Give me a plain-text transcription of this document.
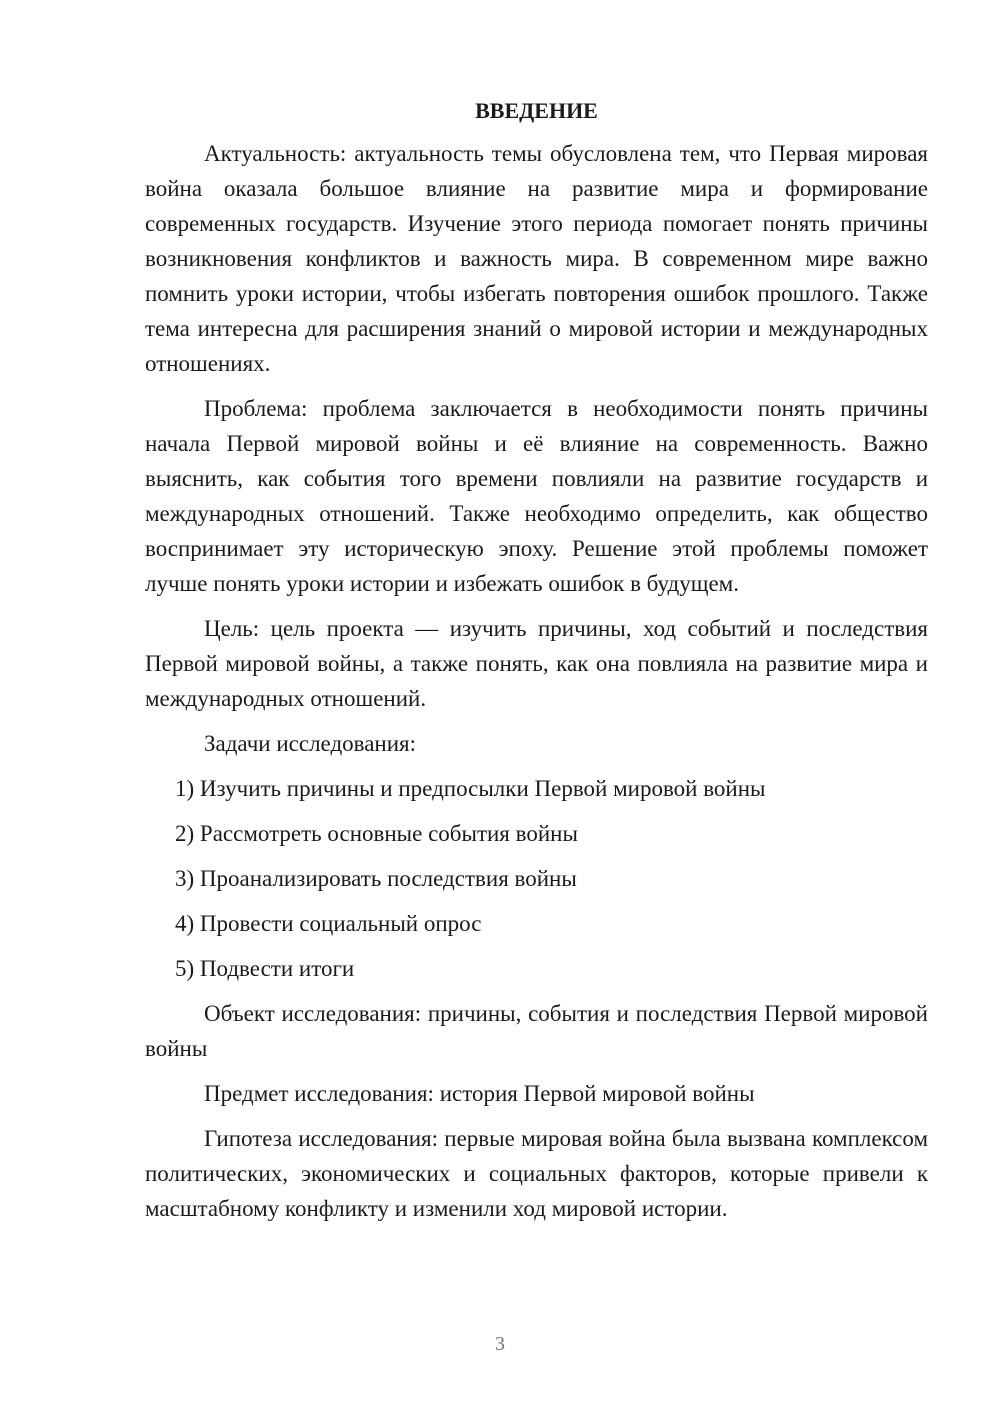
ВВЕДЕНИЕ

Актуальность: актуальность темы обусловлена тем, что Первая мировая война оказала большое влияние на развитие мира и формирование современных государств. Изучение этого периода помогает понять причины возникновения конфликтов и важность мира. В современном мире важно помнить уроки истории, чтобы избегать повторения ошибок прошлого. Также тема интересна для расширения знаний о мировой истории и международных отношениях.

Проблема: проблема заключается в необходимости понять причины начала Первой мировой войны и её влияние на современность. Важно выяснить, как события того времени повлияли на развитие государств и международных отношений. Также необходимо определить, как общество воспринимает эту историческую эпоху. Решение этой проблемы поможет лучше понять уроки истории и избежать ошибок в будущем.

Цель: цель проекта — изучить причины, ход событий и последствия Первой мировой войны, а также понять, как она повлияла на развитие мира и международных отношений.

Задачи исследования:

1) Изучить причины и предпосылки Первой мировой войны

2) Рассмотреть основные события войны

3) Проанализировать последствия войны

4) Провести социальный опрос

5) Подвести итоги

Объект исследования: причины, события и последствия Первой мировой войны

Предмет исследования: история Первой мировой войны

Гипотеза исследования: первые мировая война была вызвана комплексом политических, экономических и социальных факторов, которые привели к масштабному конфликту и изменили ход мировой истории.

3
